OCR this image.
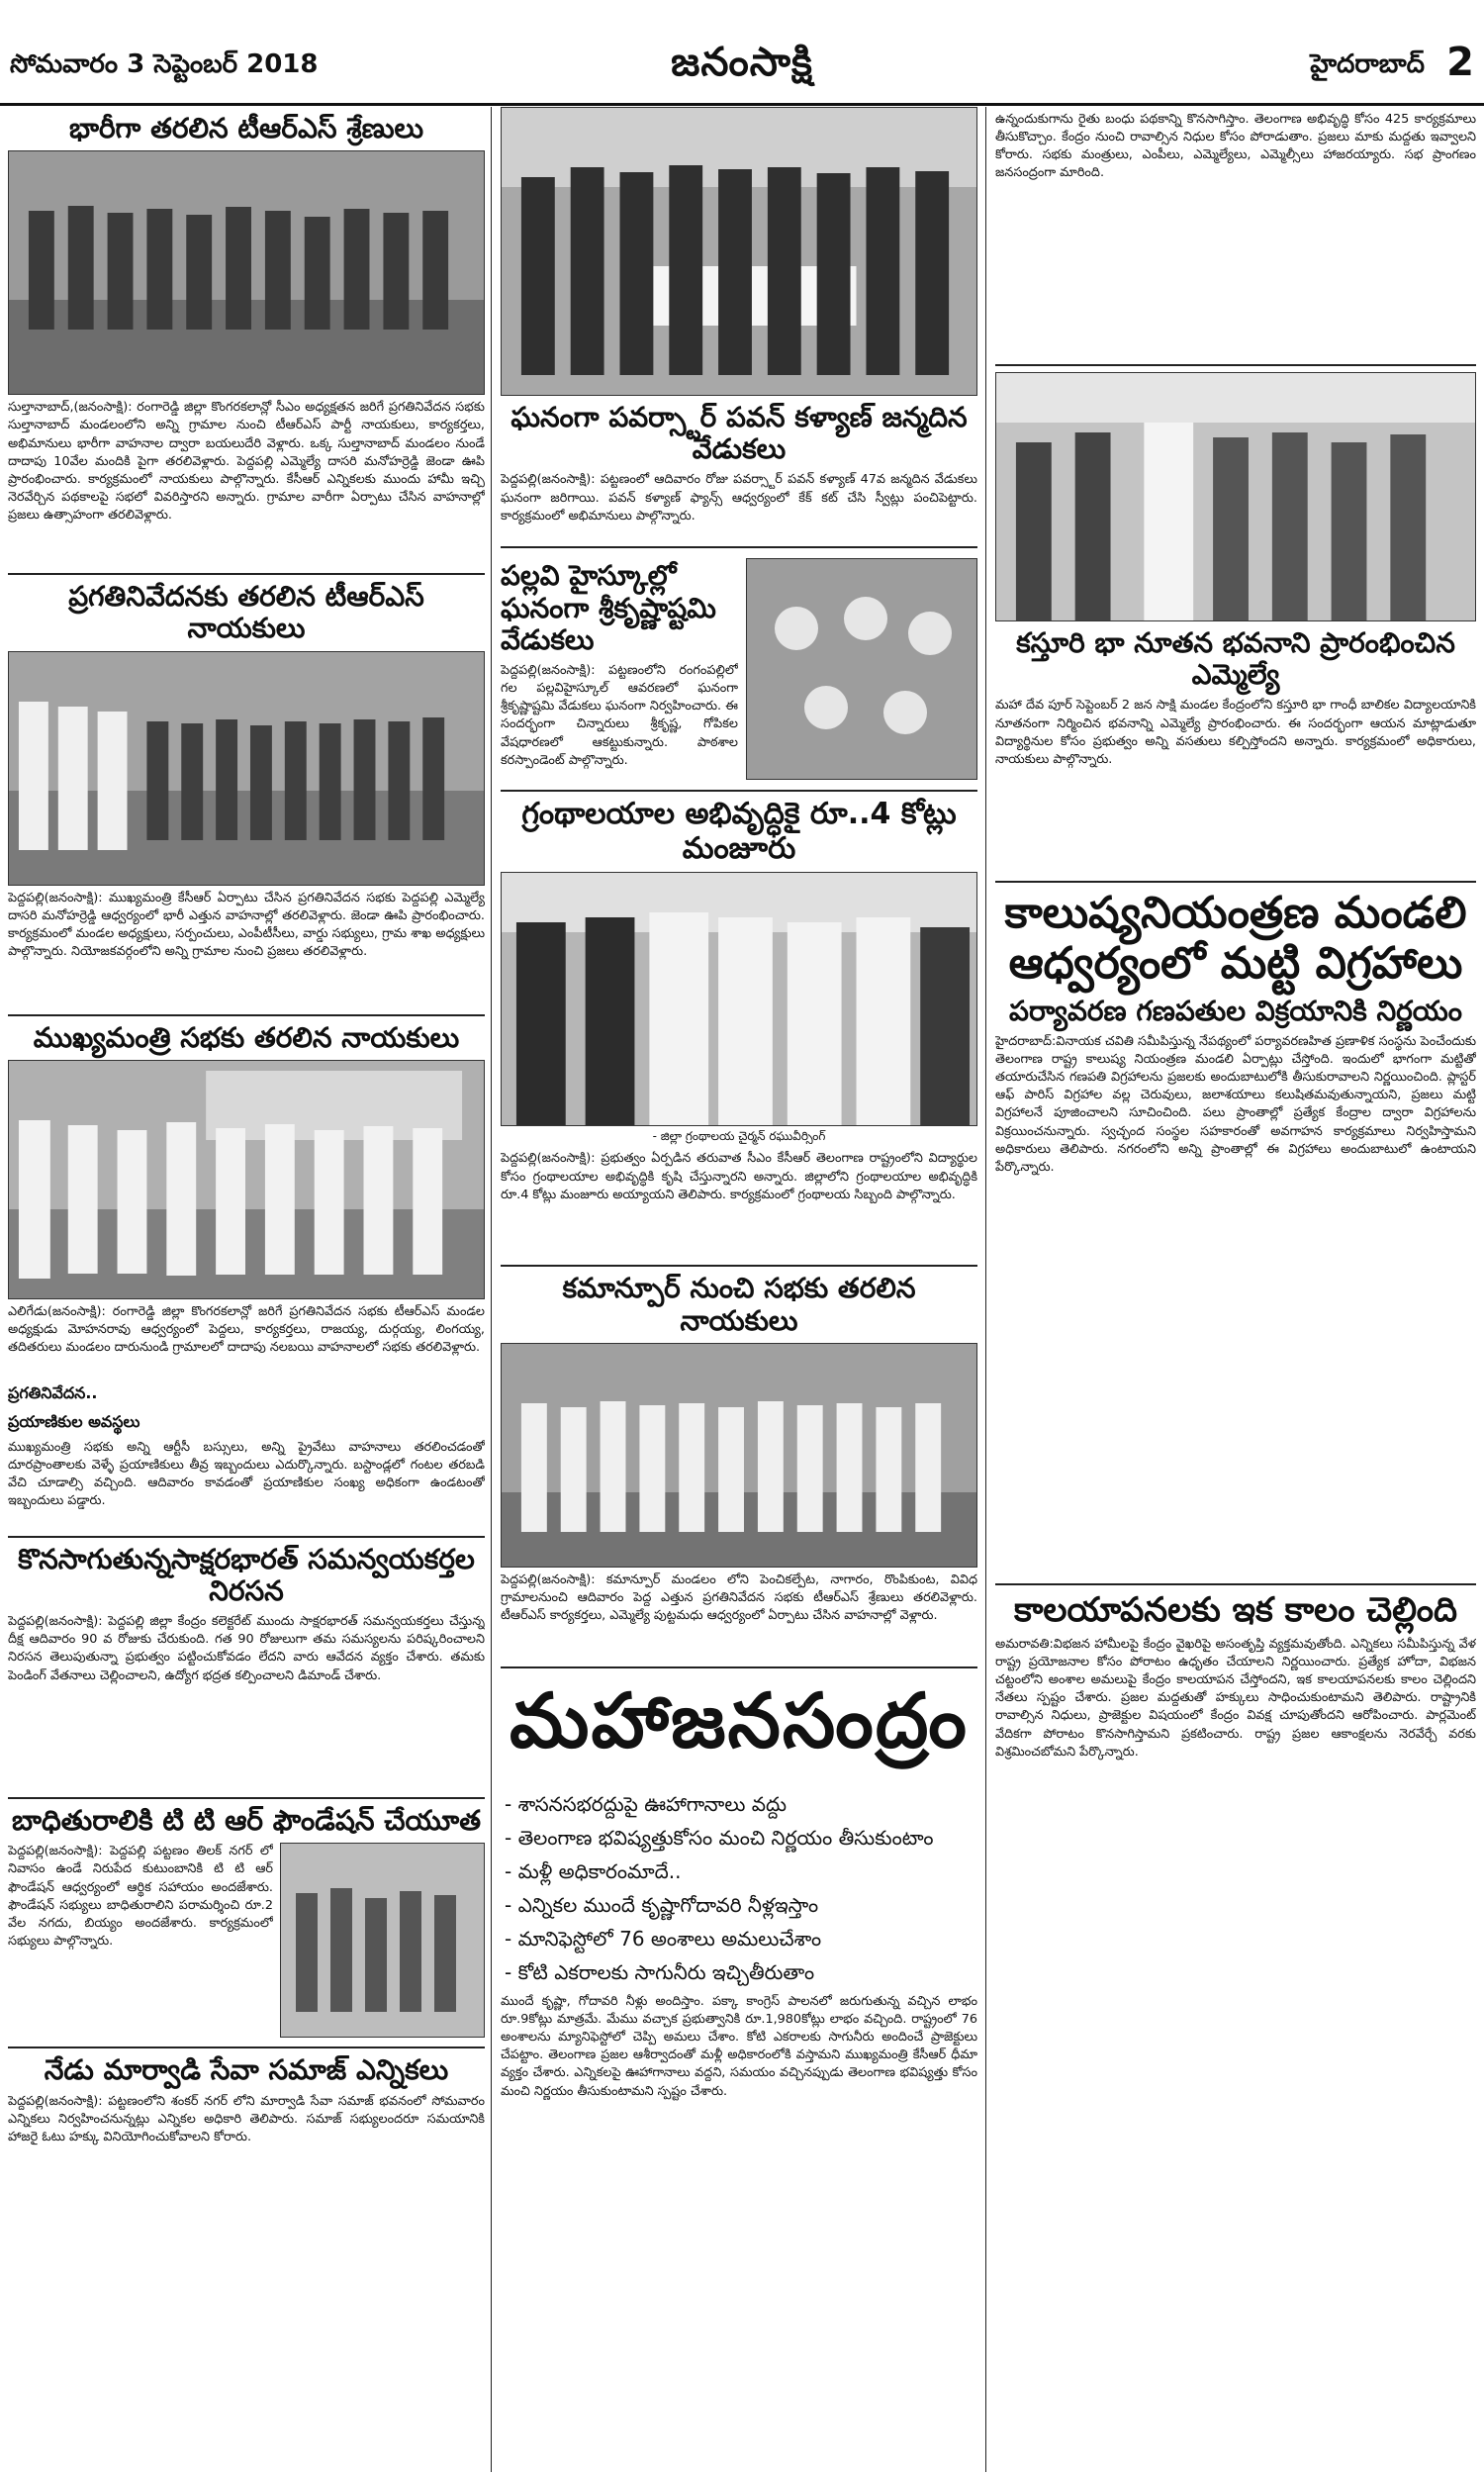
సోమవారం 3 సెప్టెంబర్ 2018	జనంసాక్షి	హైదరాబాద్ 2
భారీగా తరలిన టీఆర్ఎస్ శ్రేణులు
సుల్తానాబాద్,(జనంసాక్షి): రంగారెడ్డి జిల్లా కొంగరకలాన్లో సీఎం అధ్యక్షతన జరిగే ప్రగతినివేదన సభకు సుల్తానాబాద్ మండలంలోని అన్ని గ్రామాల నుంచి టీఆర్ఎస్ పార్టీ నాయకులు, కార్యకర్తలు, అభిమానులు భారీగా వాహనాల ద్వారా బయలుదేరి వెళ్లారు. ఒక్క సుల్తానాబాద్ మండలం నుండే దాదాపు 10వేల మందికి పైగా తరలివెళ్లారు. పెద్దపల్లి ఎమ్మెల్యే దాసరి మనోహర్రెడ్డి జెండా ఊపి ప్రారంభించారు. కార్యక్రమంలో నాయకులు పాల్గొన్నారు. కేసీఆర్ ఎన్నికలకు ముందు హామీ ఇచ్చి నెరవేర్చిన పథకాలపై సభలో వివరిస్తారని అన్నారు. గ్రామాల వారీగా ఏర్పాటు చేసిన వాహనాల్లో ప్రజలు ఉత్సాహంగా తరలివెళ్లారు.
ప్రగతినివేదనకు తరలిన టీఆర్ఎస్ నాయకులు
పెద్దపల్లి(జనంసాక్షి): ముఖ్యమంత్రి కేసీఆర్ ఏర్పాటు చేసిన ప్రగతినివేదన సభకు పెద్దపల్లి ఎమ్మెల్యే దాసరి మనోహర్రెడ్డి ఆధ్వర్యంలో భారీ ఎత్తున వాహనాల్లో తరలివెళ్లారు. జెండా ఊపి ప్రారంభించారు. కార్యక్రమంలో మండల అధ్యక్షులు, సర్పంచులు, ఎంపీటీసీలు, వార్డు సభ్యులు, గ్రామ శాఖ అధ్యక్షులు పాల్గొన్నారు. నియోజకవర్గంలోని అన్ని గ్రామాల నుంచి ప్రజలు తరలివెళ్లారు.
ముఖ్యమంత్రి సభకు తరలిన నాయకులు
ఎలిగేడు(జనంసాక్షి): రంగారెడ్డి జిల్లా కొంగరకలాన్లో జరిగే ప్రగతినివేదన సభకు టీఆర్ఎస్ మండల అధ్యక్షుడు మోహనరావు ఆధ్వర్యంలో పెద్దలు, కార్యకర్తలు, రాజయ్య, దుర్గయ్య, లింగయ్య, తదితరులు మండలం దారునుండి గ్రామాలలో దాదాపు నలబయి వాహనాలలో సభకు తరలివెళ్లారు.
ప్రగతినివేదన..
ప్రయాణికుల అవస్థలు
ముఖ్యమంత్రి సభకు అన్ని ఆర్టీసీ బస్సులు, అన్ని ప్రైవేటు వాహనాలు తరలించడంతో దూరప్రాంతాలకు వెళ్ళే ప్రయాణికులు తీవ్ర ఇబ్బందులు ఎదుర్కొన్నారు. బస్టాండ్లలో గంటల తరబడి వేచి చూడాల్సి వచ్చింది. ఆదివారం కావడంతో ప్రయాణికుల సంఖ్య అధికంగా ఉండటంతో ఇబ్బందులు పడ్డారు.
కొనసాగుతున్నసాక్షరభారత్ సమన్వయకర్తల నిరసన
పెద్దపల్లి(జనంసాక్షి): పెద్దపల్లి జిల్లా కేంద్రం కలెక్టరేట్ ముందు సాక్షరభారత్ సమన్వయకర్తలు చేస్తున్న దీక్ష ఆదివారం 90 వ రోజుకు చేరుకుంది. గత 90 రోజులుగా తమ సమస్యలను పరిష్కరించాలని నిరసన తెలుపుతున్నా ప్రభుత్వం పట్టించుకోవడం లేదని వారు ఆవేదన వ్యక్తం చేశారు. తమకు పెండింగ్ వేతనాలు చెల్లించాలని, ఉద్యోగ భద్రత కల్పించాలని డిమాండ్ చేశారు.
బాధితురాలికి టి టి ఆర్ ఫౌండేషన్ చేయూత
పెద్దపల్లి(జనంసాక్షి): పెద్దపల్లి పట్టణం తిలక్ నగర్ లో నివాసం ఉండే నిరుపేద కుటుంబానికి టి టి ఆర్ ఫౌండేషన్ ఆధ్వర్యంలో ఆర్థిక సహాయం అందజేశారు. ఫౌండేషన్ సభ్యులు బాధితురాలిని పరామర్శించి రూ.2 వేల నగదు, బియ్యం అందజేశారు. కార్యక్రమంలో సభ్యులు పాల్గొన్నారు.
నేడు మార్వాడి సేవా సమాజ్ ఎన్నికలు
పెద్దపల్లి(జనంసాక్షి): పట్టణంలోని శంకర్ నగర్ లోని మార్వాడి సేవా సమాజ్ భవనంలో సోమవారం ఎన్నికలు నిర్వహించనున్నట్లు ఎన్నికల అధికారి తెలిపారు. సమాజ్ సభ్యులందరూ సమయానికి హాజరై ఓటు హక్కు వినియోగించుకోవాలని కోరారు.
ఘనంగా పవర్స్టార్ పవన్ కళ్యాణ్ జన్మదిన వేడుకలు
పెద్దపల్లి(జనంసాక్షి): పట్టణంలో ఆదివారం రోజు పవర్స్టార్ పవన్ కళ్యాణ్ 47వ జన్మదిన వేడుకలు ఘనంగా జరిగాయి. పవన్ కళ్యాణ్ ఫ్యాన్స్ ఆధ్వర్యంలో కేక్ కట్ చేసి స్వీట్లు పంచిపెట్టారు. కార్యక్రమంలో అభిమానులు పాల్గొన్నారు.
పల్లవి హైస్కూల్లో ఘనంగా శ్రీకృష్ణాష్టమి వేడుకలు
పెద్దపల్లి(జనంసాక్షి): పట్టణంలోని రంగంపల్లిలో గల పల్లవిహైస్కూల్ ఆవరణలో ఘనంగా శ్రీకృష్ణాష్టమి వేడుకలు ఘనంగా నిర్వహించారు. ఈ సందర్భంగా చిన్నారులు శ్రీకృష్ణ, గోపికల వేషధారణలో ఆకట్టుకున్నారు. పాఠశాల కరస్పాండెంట్ పాల్గొన్నారు.
గ్రంథాలయాల అభివృద్ధికై రూ..4 కోట్లు మంజూరు
- జిల్లా గ్రంథాలయ చైర్మన్ రఘువీర్సింగ్
పెద్దపల్లి(జనంసాక్షి): ప్రభుత్వం ఏర్పడిన తరువాత సీఎం కేసీఆర్ తెలంగాణ రాష్ట్రంలోని విద్యార్థుల కోసం గ్రంథాలయాల అభివృద్ధికి కృషి చేస్తున్నారని అన్నారు. జిల్లాలోని గ్రంథాలయాల అభివృద్ధికి రూ.4 కోట్లు మంజూరు అయ్యాయని తెలిపారు. కార్యక్రమంలో గ్రంథాలయ సిబ్బంది పాల్గొన్నారు.
కమాన్పూర్ నుంచి సభకు తరలిన నాయకులు
పెద్దపల్లి(జనంసాక్షి): కమాన్పూర్ మండలం లోని పెంచికల్పేట, నాగారం, రొంపికుంట, వివిధ గ్రామాలనుంచి ఆదివారం పెద్ద ఎత్తున ప్రగతినివేదన సభకు టీఆర్ఎస్ శ్రేణులు తరలివెళ్లారు. టీఆర్ఎస్ కార్యకర్తలు, ఎమ్మెల్యే పుట్టమధు ఆధ్వర్యంలో ఏర్పాటు చేసిన వాహనాల్లో వెళ్లారు.
మహాజనసంద్రం
- శాసనసభరద్దుపై ఊహాగానాలు వద్దు
- తెలంగాణ భవిష్యత్తుకోసం మంచి నిర్ణయం తీసుకుంటాం
- మళ్లీ అధికారంమాదే..
- ఎన్నికల ముందే కృష్ణాగోదావరి నీళ్లఇస్తాం
- మానిఫెస్టోలో 76 అంశాలు అమలుచేశాం
- కోటి ఎకరాలకు సాగునీరు ఇచ్చితీరుతాం
ముందే కృష్ణా, గోదావరి నీళ్లు అందిస్తాం. పక్కా కాంగ్రెస్ పాలనలో జరుగుతున్న వచ్చిన లాభం రూ.9కోట్లు మాత్రమే. మేము వచ్చాక ప్రభుత్వానికి రూ.1,980కోట్లు లాభం వచ్చింది. రాష్ట్రంలో 76 అంశాలను మ్యానిఫెస్టోలో చెప్పి అమలు చేశాం. కోటి ఎకరాలకు సాగునీరు అందించే ప్రాజెక్టులు చేపట్టాం. తెలంగాణ ప్రజల ఆశీర్వాదంతో మళ్లీ అధికారంలోకి వస్తామని ముఖ్యమంత్రి కేసీఆర్ ధీమా వ్యక్తం చేశారు. ఎన్నికలపై ఊహాగానాలు వద్దని, సమయం వచ్చినప్పుడు తెలంగాణ భవిష్యత్తు కోసం మంచి నిర్ణయం తీసుకుంటామని స్పష్టం చేశారు.
ఉన్నందుకుగాను రైతు బంధు పథకాన్ని కొనసాగిస్తాం. తెలంగాణ అభివృద్ధి కోసం 425 కార్యక్రమాలు తీసుకొచ్చాం. కేంద్రం నుంచి రావాల్సిన నిధుల కోసం పోరాడుతాం. ప్రజలు మాకు మద్దతు ఇవ్వాలని కోరారు. సభకు మంత్రులు, ఎంపీలు, ఎమ్మెల్యేలు, ఎమ్మెల్సీలు హాజరయ్యారు. సభ ప్రాంగణం జనసంద్రంగా మారింది.
కస్తూరి భా నూతన భవనాని ప్రారంభించిన ఎమ్మెల్యే
మహా దేవ పూర్ సెప్టెంబర్ 2 జన సాక్షి మండల కేంద్రంలోని కస్తూరి భా గాంధీ బాలికల విద్యాలయానికి నూతనంగా నిర్మించిన భవనాన్ని ఎమ్మెల్యే ప్రారంభించారు. ఈ సందర్భంగా ఆయన మాట్లాడుతూ విద్యార్థినుల కోసం ప్రభుత్వం అన్ని వసతులు కల్పిస్తోందని అన్నారు. కార్యక్రమంలో అధికారులు, నాయకులు పాల్గొన్నారు.
కాలుష్యనియంత్రణ మండలి ఆధ్వర్యంలో మట్టి విగ్రహాలు
పర్యావరణ గణపతుల విక్రయానికి నిర్ణయం
హైదరాబాద్:వినాయక చవితి సమీపిస్తున్న నేపథ్యంలో పర్యావరణహిత ప్రణాళిక సంస్థను పెంచేందుకు తెలంగాణ రాష్ట్ర కాలుష్య నియంత్రణ మండలి ఏర్పాట్లు చేస్తోంది. ఇందులో భాగంగా మట్టితో తయారుచేసిన గణపతి విగ్రహాలను ప్రజలకు అందుబాటులోకి తీసుకురావాలని నిర్ణయించింది. ప్లాస్టర్ ఆఫ్ పారిస్ విగ్రహాల వల్ల చెరువులు, జలాశయాలు కలుషితమవుతున్నాయని, ప్రజలు మట్టి విగ్రహాలనే పూజించాలని సూచించింది. పలు ప్రాంతాల్లో ప్రత్యేక కేంద్రాల ద్వారా విగ్రహాలను విక్రయించనున్నారు. స్వచ్ఛంద సంస్థల సహకారంతో అవగాహన కార్యక్రమాలు నిర్వహిస్తామని అధికారులు తెలిపారు. నగరంలోని అన్ని ప్రాంతాల్లో ఈ విగ్రహాలు అందుబాటులో ఉంటాయని పేర్కొన్నారు.
కాలయాపనలకు ఇక కాలం చెల్లింది
అమరావతి:విభజన హామీలపై కేంద్రం వైఖరిపై అసంతృప్తి వ్యక్తమవుతోంది. ఎన్నికలు సమీపిస్తున్న వేళ రాష్ట్ర ప్రయోజనాల కోసం పోరాటం ఉధృతం చేయాలని నిర్ణయించారు. ప్రత్యేక హోదా, విభజన చట్టంలోని అంశాల అమలుపై కేంద్రం కాలయాపన చేస్తోందని, ఇక కాలయాపనలకు కాలం చెల్లిందని నేతలు స్పష్టం చేశారు. ప్రజల మద్దతుతో హక్కులు సాధించుకుంటామని తెలిపారు. రాష్ట్రానికి రావాల్సిన నిధులు, ప్రాజెక్టుల విషయంలో కేంద్రం వివక్ష చూపుతోందని ఆరోపించారు. పార్లమెంట్ వేదికగా పోరాటం కొనసాగిస్తామని ప్రకటించారు. రాష్ట్ర ప్రజల ఆకాంక్షలను నెరవేర్చే వరకు విశ్రమించబోమని పేర్కొన్నారు.
